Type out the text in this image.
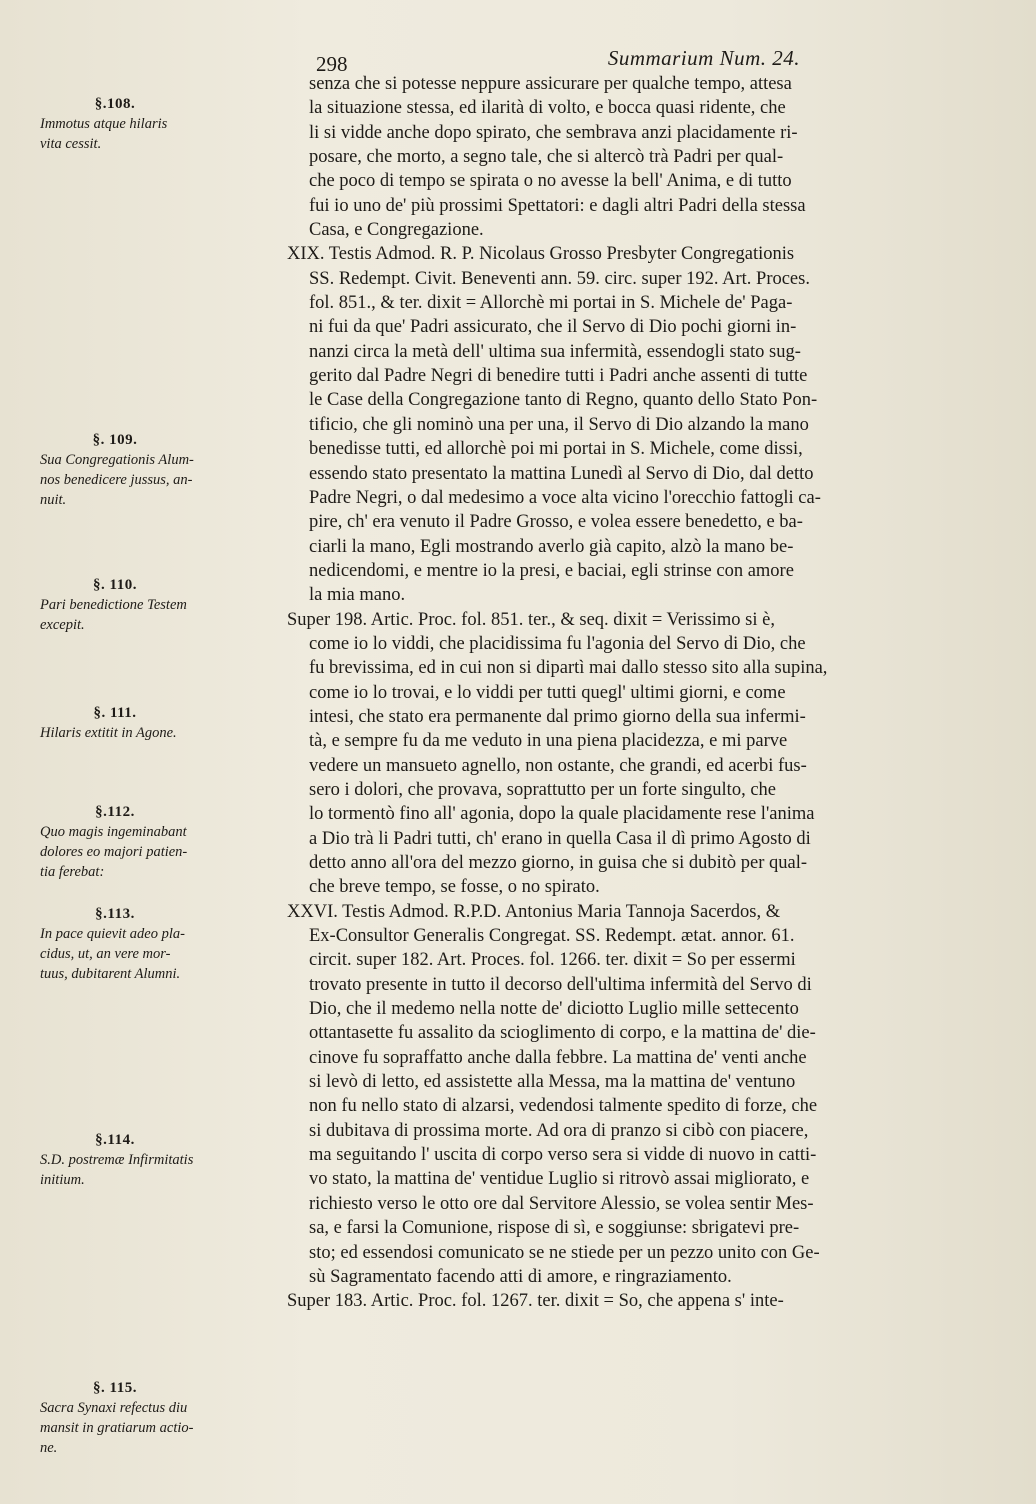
298	Summarium Num. 24.
§.108.
Immotus atque hilaris
vita cessit.
§. 109.
Sua Congregationis Alum-
nos benedicere jussus, an-
nuit.
§. 110.
Pari benedictione Testem
excepit.
§. 111.
Hilaris extitit in Agone.
§.112.
Quo magis ingeminabant
dolores eo majori patien-
tia ferebat:
§.113.
In pace quievit adeo pla-
cidus, ut, an vere mor-
tuus, dubitarent Alumni.
§.114.
S.D. postremæ Infirmitatis
initium.
§. 115.
Sacra Synaxi refectus diu
mansit in gratiarum actio-
ne.
senza che si potesse neppure assicurare per qualche tempo, attesa
la situazione stessa, ed ilarità di volto, e bocca quasi ridente, che
li si vidde anche dopo spirato, che sembrava anzi placidamente ri-
posare, che morto, a segno tale, che si altercò trà Padri per qual-
che poco di tempo se spirata o no avesse la bell' Anima, e di tutto
fui io uno de' più prossimi Spettatori: e dagli altri Padri della stessa
Casa, e Congregazione.
XIX. Testis Admod. R. P. Nicolaus Grosso Presbyter Congregationis
SS. Redempt. Civit. Beneventi ann. 59. circ. super 192. Art. Proces.
fol. 851., & ter. dixit = Allorchè mi portai in S. Michele de' Paga-
ni fui da que' Padri assicurato, che il Servo di Dio pochi giorni in-
nanzi circa la metà dell' ultima sua infermità, essendogli stato sug-
gerito dal Padre Negri di benedire tutti i Padri anche assenti di tutte
le Case della Congregazione tanto di Regno, quanto dello Stato Pon-
tificio, che gli nominò una per una, il Servo di Dio alzando la mano
benedisse tutti, ed allorchè poi mi portai in S. Michele, come dissi,
essendo stato presentato la mattina Lunedì al Servo di Dio, dal detto
Padre Negri, o dal medesimo a voce alta vicino l'orecchio fattogli ca-
pire, ch' era venuto il Padre Grosso, e volea essere benedetto, e ba-
ciarli la mano, Egli mostrando averlo già capito, alzò la mano be-
nedicendomi, e mentre io la presi, e baciai, egli strinse con amore
la mia mano.
Super 198. Artic. Proc. fol. 851. ter., & seq. dixit = Verissimo si è,
come io lo viddi, che placidissima fu l'agonia del Servo di Dio, che
fu brevissima, ed in cui non si dipartì mai dallo stesso sito alla supina,
come io lo trovai, e lo viddi per tutti quegl' ultimi giorni, e come
intesi, che stato era permanente dal primo giorno della sua infermi-
tà, e sempre fu da me veduto in una piena placidezza, e mi parve
vedere un mansueto agnello, non ostante, che grandi, ed acerbi fus-
sero i dolori, che provava, soprattutto per un forte singulto, che
lo tormentò fino all' agonia, dopo la quale placidamente rese l'anima
a Dio trà li Padri tutti, ch' erano in quella Casa il dì primo Agosto di
detto anno all'ora del mezzo giorno, in guisa che si dubitò per qual-
che breve tempo, se fosse, o no spirato.
XXVI. Testis Admod. R.P.D. Antonius Maria Tannoja Sacerdos, &
Ex-Consultor Generalis Congregat. SS. Redempt. ætat. annor. 61.
circit. super 182. Art. Proces. fol. 1266. ter. dixit = So per essermi
trovato presente in tutto il decorso dell'ultima infermità del Servo di
Dio, che il medemo nella notte de' diciotto Luglio mille settecento
ottantasette fu assalito da scioglimento di corpo, e la mattina de' die-
cinove fu sopraffatto anche dalla febbre. La mattina de' venti anche
si levò di letto, ed assistette alla Messa, ma la mattina de' ventuno
non fu nello stato di alzarsi, vedendosi talmente spedito di forze, che
si dubitava di prossima morte. Ad ora di pranzo si cibò con piacere,
ma seguitando l' uscita di corpo verso sera si vidde di nuovo in catti-
vo stato, la mattina de' ventidue Luglio si ritrovò assai migliorato, e
richiesto verso le otto ore dal Servitore Alessio, se volea sentir Mes-
sa, e farsi la Comunione, rispose di sì, e soggiunse: sbrigatevi pre-
sto; ed essendosi comunicato se ne stiede per un pezzo unito con Ge-
sù Sagramentato facendo atti di amore, e ringraziamento.
Super 183. Artic. Proc. fol. 1267. ter. dixit = So, che appena s' inte-
